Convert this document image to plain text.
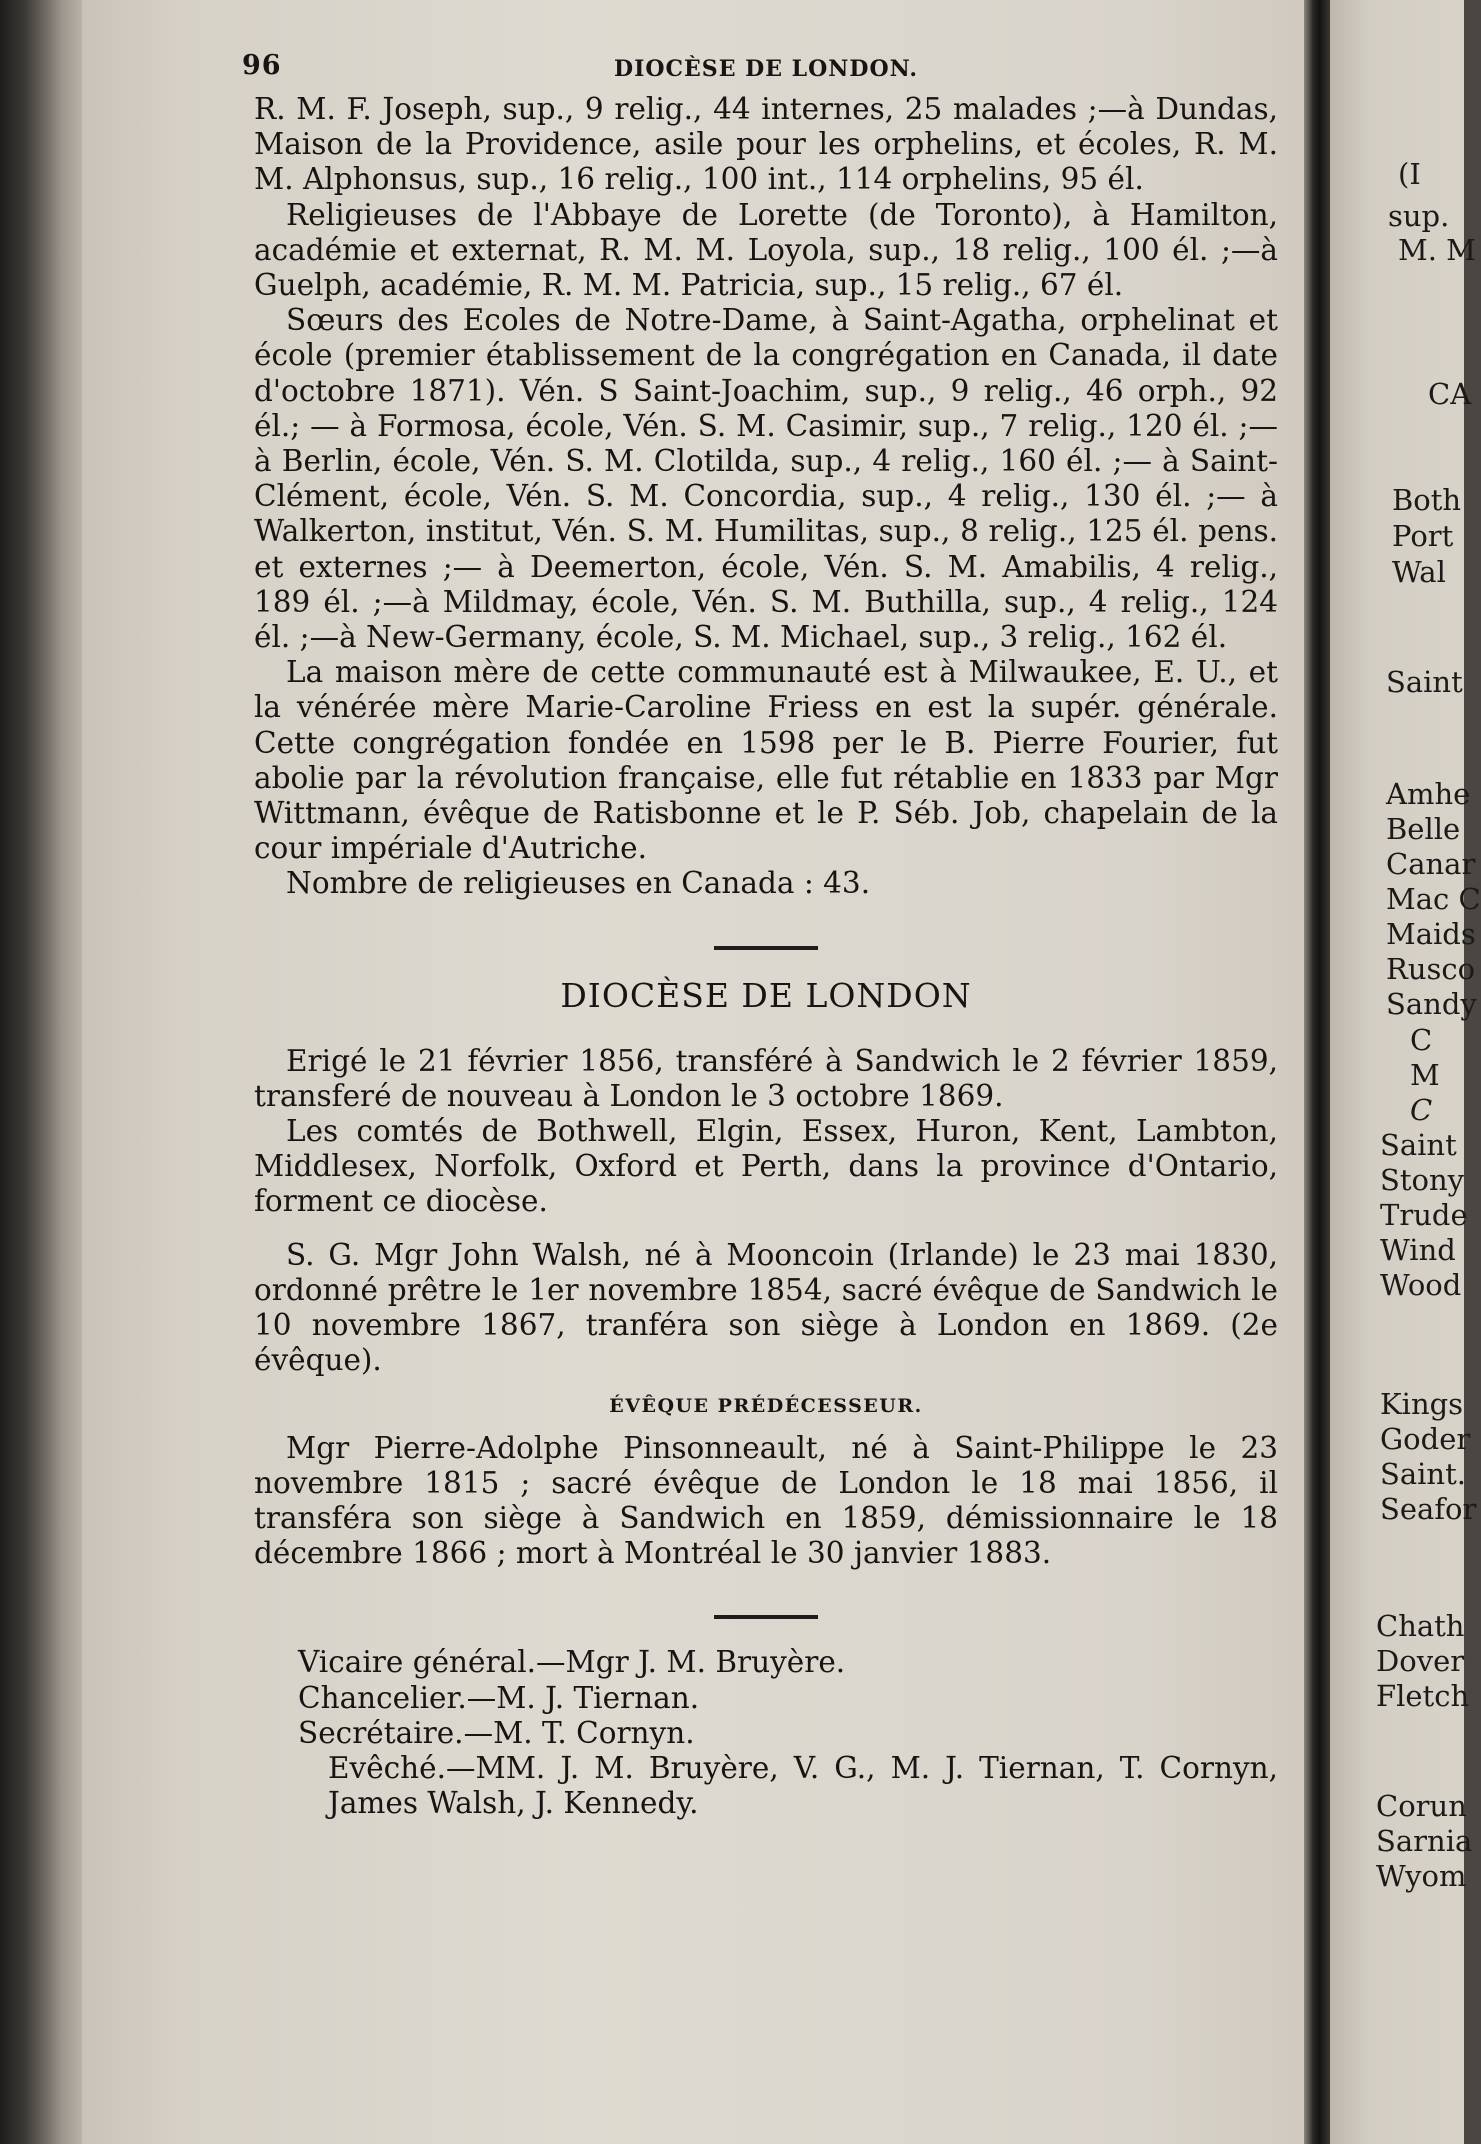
(I
sup.
M. M
CA
Both
Port
Wal
Saint
Amhe
Belle
Canar
Mac C
Maids
Rusco
Sandy
C
M
C
Saint
Stony
Trude
Wind
Wood
Kings
Goder
Saint.
Seafor
Chath
Dover
Fletch
Corun
Sarnia
Wyom
96	DIOCÈSE DE LONDON.

R. M. F. Joseph, sup., 9 relig., 44 internes, 25 malades ;—à Dundas, Maison de la Providence, asile pour les orphelins, et écoles, R. M. M. Alphonsus, sup., 16 relig., 100 int., 114 orphelins, 95 él.

Religieuses de l'Abbaye de Lorette (de Toronto), à Hamilton, académie et externat, R. M. M. Loyola, sup., 18 relig., 100 él. ;—à Guelph, académie, R. M. M. Patricia, sup., 15 relig., 67 él.

Sœurs des Ecoles de Notre-Dame, à Saint-Agatha, orphelinat et école (premier établissement de la congrégation en Canada, il date d'octobre 1871). Vén. S Saint-Joachim, sup., 9 relig., 46 orph., 92 él.; — à Formosa, école, Vén. S. M. Casimir, sup., 7 relig., 120 él. ;— à Berlin, école, Vén. S. M. Clotilda, sup., 4 relig., 160 él. ;— à Saint-Clément, école, Vén. S. M. Concordia, sup., 4 relig., 130 él. ;— à Walkerton, institut, Vén. S. M. Humilitas, sup., 8 relig., 125 él. pens. et externes ;— à Deemerton, école, Vén. S. M. Amabilis, 4 relig., 189 él. ;—à Mildmay, école, Vén. S. M. Buthilla, sup., 4 relig., 124 él. ;—à New-Germany, école, S. M. Michael, sup., 3 relig., 162 él.

La maison mère de cette communauté est à Milwaukee, E. U., et la vénérée mère Marie-Caroline Friess en est la supér. générale. Cette congrégation fondée en 1598 per le B. Pierre Fourier, fut abolie par la révolution française, elle fut rétablie en 1833 par Mgr Wittmann, évêque de Ratisbonne et le P. Séb. Job, chapelain de la cour impériale d'Autriche.

Nombre de religieuses en Canada : 43.

DIOCÈSE DE LONDON

Erigé le 21 février 1856, transféré à Sandwich le 2 février 1859, transferé de nouveau à London le 3 octobre 1869.

Les comtés de Bothwell, Elgin, Essex, Huron, Kent, Lambton, Middlesex, Norfolk, Oxford et Perth, dans la province d'Ontario, forment ce diocèse.

S. G. Mgr John Walsh, né à Mooncoin (Irlande) le 23 mai 1830, ordonné prêtre le 1er novembre 1854, sacré évêque de Sandwich le 10 novembre 1867, tranféra son siège à London en 1869. (2e évêque).

ÉVÊQUE PRÉDÉCESSEUR.

Mgr Pierre-Adolphe Pinsonneault, né à Saint-Philippe le 23 novembre 1815 ; sacré évêque de London le 18 mai 1856, il transféra son siège à Sandwich en 1859, démissionnaire le 18 décembre 1866 ; mort à Montréal le 30 janvier 1883.

Vicaire général.—Mgr J. M. Bruyère.

Chancelier.—M. J. Tiernan.

Secrétaire.—M. T. Cornyn.

Evêché.—MM. J. M. Bruyère, V. G., M. J. Tiernan, T. Cornyn, James Walsh, J. Kennedy.
